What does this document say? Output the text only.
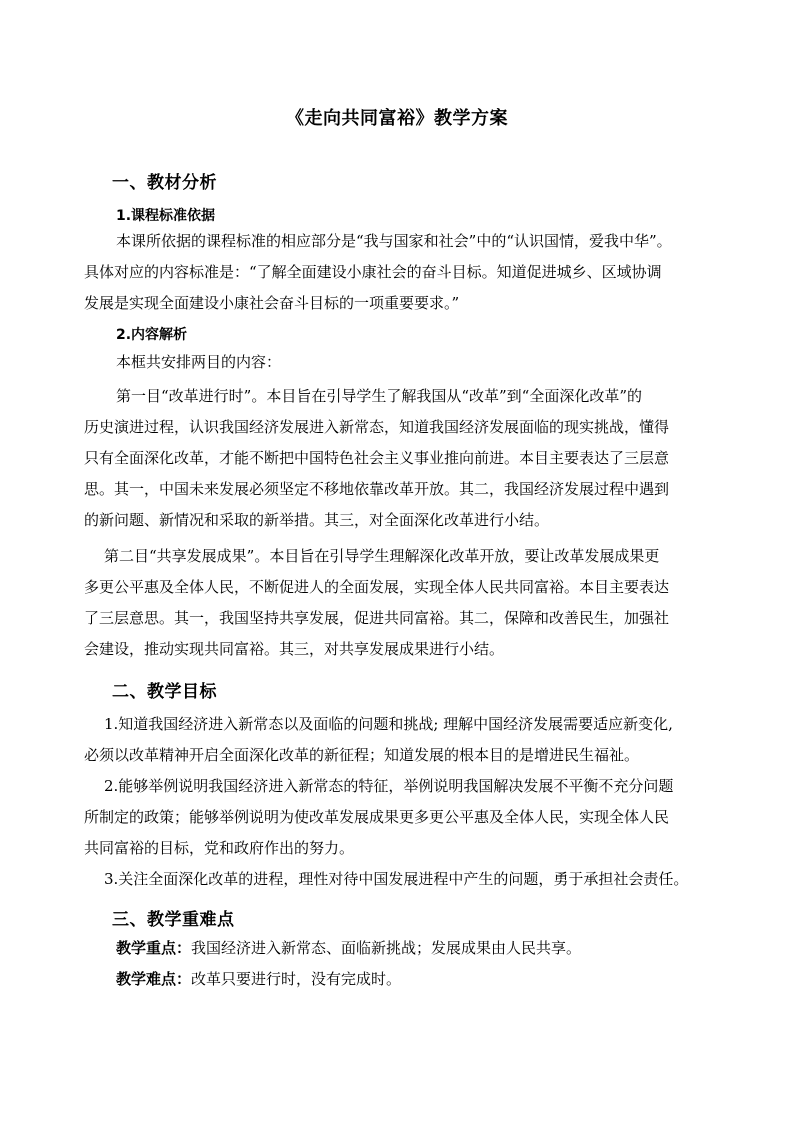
《走向共同富裕》教学方案
一、教材分析
1.课程标准依据
本课所依据的课程标准的相应部分是“我与国家和社会”中的“认识国情，爱我中华”。
具体对应的内容标准是：“了解全面建设小康社会的奋斗目标。知道促进城乡、区域协调
发展是实现全面建设小康社会奋斗目标的一项重要要求。”
2.内容解析
本框共安排两目的内容：
第一目“改革进行时”。本目旨在引导学生了解我国从“改革”到“全面深化改革”的
历史演进过程，认识我国经济发展进入新常态，知道我国经济发展面临的现实挑战，懂得
只有全面深化改革，才能不断把中国特色社会主义事业推向前进。本目主要表达了三层意
思。其一，中国未来发展必须坚定不移地依靠改革开放。其二，我国经济发展过程中遇到
的新问题、新情况和采取的新举措。其三，对全面深化改革进行小结。
第二目“共享发展成果”。本目旨在引导学生理解深化改革开放，要让改革发展成果更
多更公平惠及全体人民，不断促进人的全面发展，实现全体人民共同富裕。本目主要表达
了三层意思。其一，我国坚持共享发展，促进共同富裕。其二，保障和改善民生，加强社
会建设，推动实现共同富裕。其三，对共享发展成果进行小结。
二、教学目标
1.知道我国经济进入新常态以及面临的问题和挑战; 理解中国经济发展需要适应新变化,
必须以改革精神开启全面深化改革的新征程；知道发展的根本目的是增进民生福祉。
2.能够举例说明我国经济进入新常态的特征，举例说明我国解决发展不平衡不充分问题
所制定的政策；能够举例说明为使改革发展成果更多更公平惠及全体人民，实现全体人民
共同富裕的目标，党和政府作出的努力。
3.关注全面深化改革的进程，理性对待中国发展进程中产生的问题，勇于承担社会责任。
三、教学重难点
教学重点：我国经济进入新常态、面临新挑战；发展成果由人民共享。
教学难点：改革只要进行时，没有完成时。
